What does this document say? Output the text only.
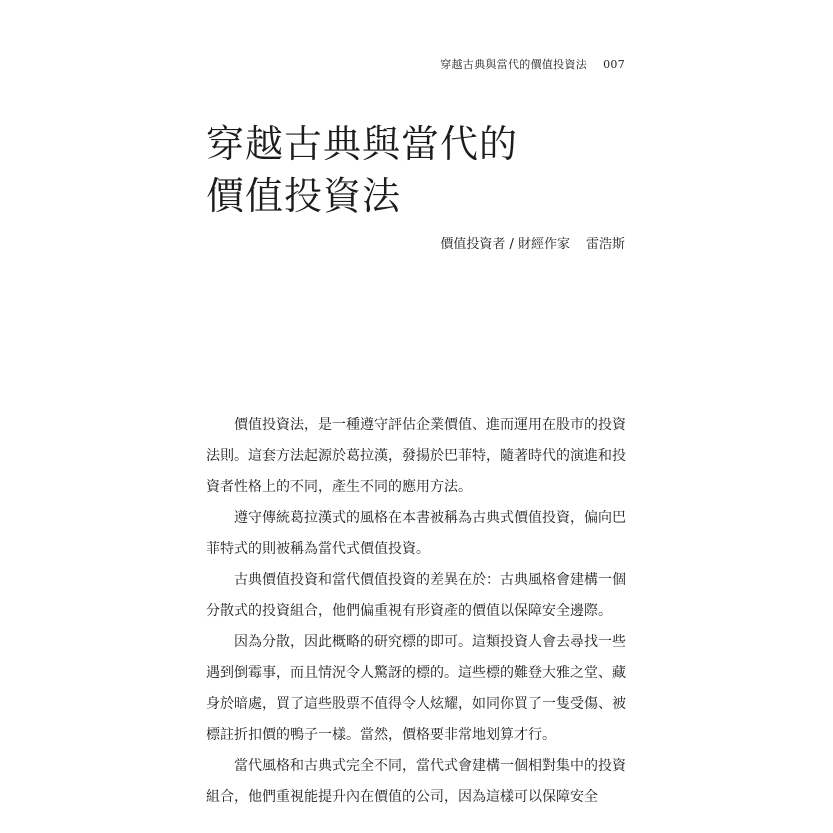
穿越古典與當代的價值投資法 007
穿越古典與當代的
價值投資法
價值投資者 / 財經作家 雷浩斯

價值投資法，是一種遵守評估企業價值、進而運用在股市的投資法則。這套方法起源於葛拉漢，發揚於巴菲特，隨著時代的演進和投資者性格上的不同，產生不同的應用方法。

遵守傳統葛拉漢式的風格在本書被稱為古典式價值投資，偏向巴菲特式的則被稱為當代式價值投資。

古典價值投資和當代價值投資的差異在於：古典風格會建構一個分散式的投資組合，他們偏重視有形資產的價值以保障安全邊際。

因為分散，因此概略的研究標的即可。這類投資人會去尋找一些遇到倒霉事，而且情況令人驚訝的標的。這些標的難登大雅之堂、藏身於暗處，買了這些股票不值得令人炫耀，如同你買了一隻受傷、被標註折扣價的鴨子一樣。當然，價格要非常地划算才行。

當代風格和古典式完全不同，當代式會建構一個相對集中的投資組合，他們重視能提升內在價值的公司，因為這樣可以保障安全
